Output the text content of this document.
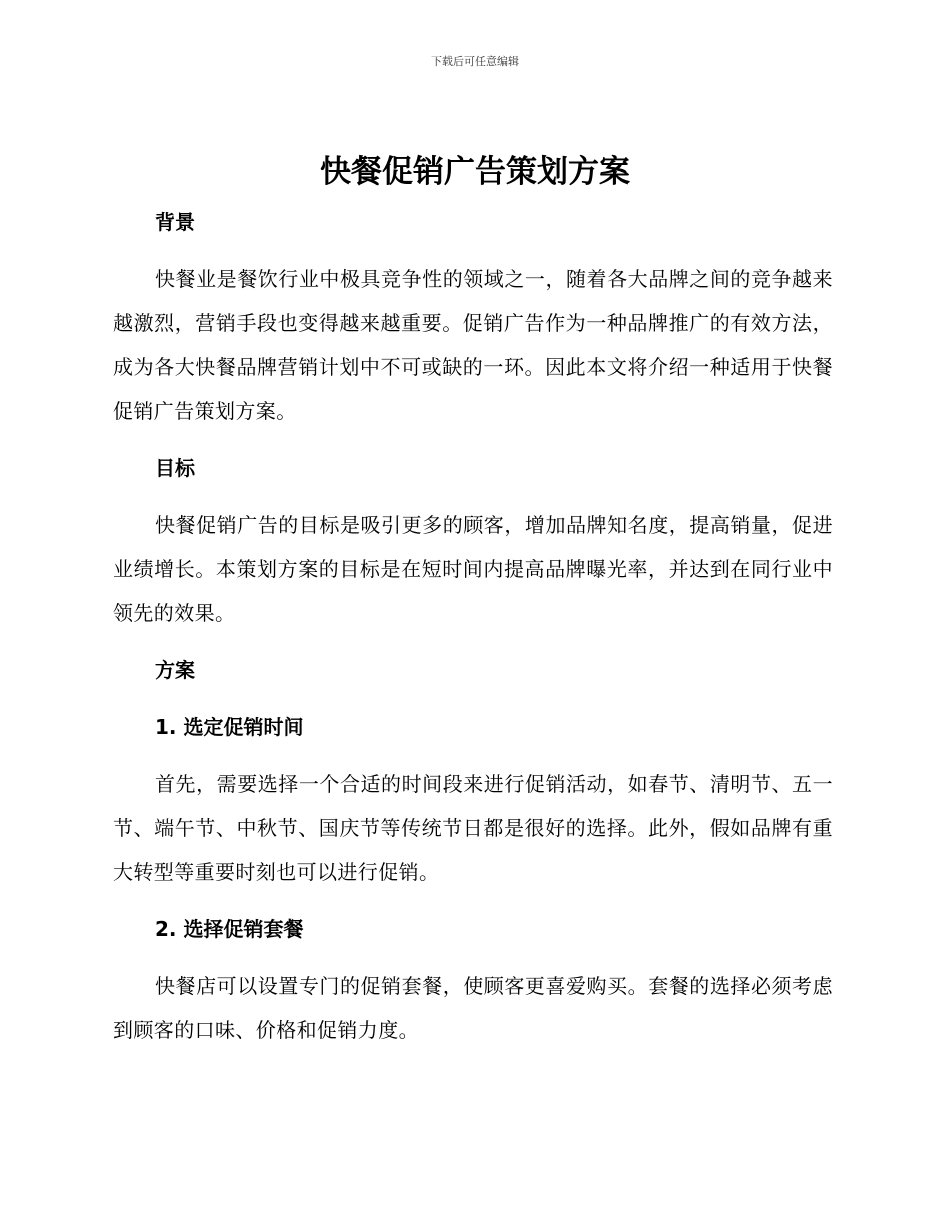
下载后可任意编辑
快餐促销广告策划方案
背景

快餐业是餐饮行业中极具竞争性的领域之一，随着各大品牌之间的竞争越来越激烈，营销手段也变得越来越重要。促销广告作为一种品牌推广的有效方法，成为各大快餐品牌营销计划中不可或缺的一环。因此本文将介绍一种适用于快餐促销广告策划方案。

目标

快餐促销广告的目标是吸引更多的顾客，增加品牌知名度，提高销量，促进业绩增长。本策划方案的目标是在短时间内提高品牌曝光率，并达到在同行业中领先的效果。

方案
1. 选定促销时间

首先，需要选择一个合适的时间段来进行促销活动，如春节、清明节、五一节、端午节、中秋节、国庆节等传统节日都是很好的选择。此外，假如品牌有重大转型等重要时刻也可以进行促销。

2. 选择促销套餐

快餐店可以设置专门的促销套餐，使顾客更喜爱购买。套餐的选择必须考虑到顾客的口味、价格和促销力度。
